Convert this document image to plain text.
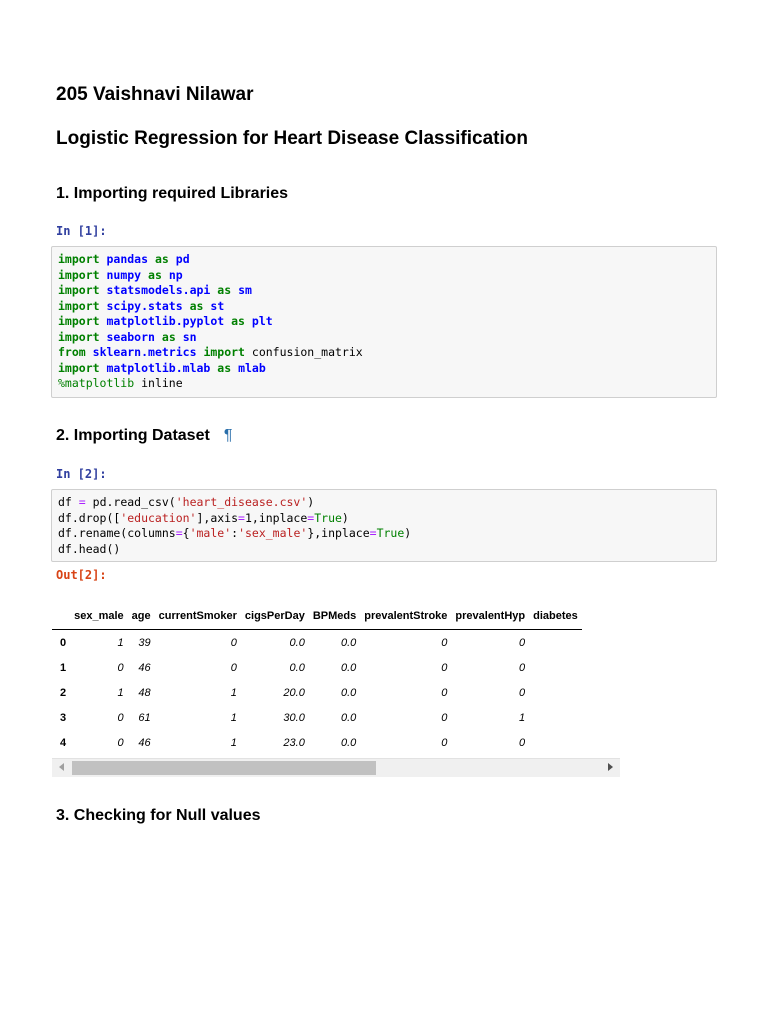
205 Vaishnavi Nilawar
Logistic Regression for Heart Disease Classification
1. Importing required Libraries
In [1]:
import pandas as pd
import numpy as np
import statsmodels.api as sm
import scipy.stats as st
import matplotlib.pyplot as plt
import seaborn as sn
from sklearn.metrics import confusion_matrix
import matplotlib.mlab as mlab
%matplotlib inline
2. Importing Dataset ¶
In [2]:
df = pd.read_csv('heart_disease.csv')
df.drop(['education'],axis=1,inplace=True)
df.rename(columns={'male':'sex_male'},inplace=True)
df.head()
Out[2]:
	sex_male	age	currentSmoker	cigsPerDay	BPMeds	prevalentStroke	prevalentHyp	diabetes
0	1	39	0	0.0	0.0	0	0	
1	0	46	0	0.0	0.0	0	0	
2	1	48	1	20.0	0.0	0	0	
3	0	61	1	30.0	0.0	0	1	
4	0	46	1	23.0	0.0	0	0	
3. Checking for Null values
